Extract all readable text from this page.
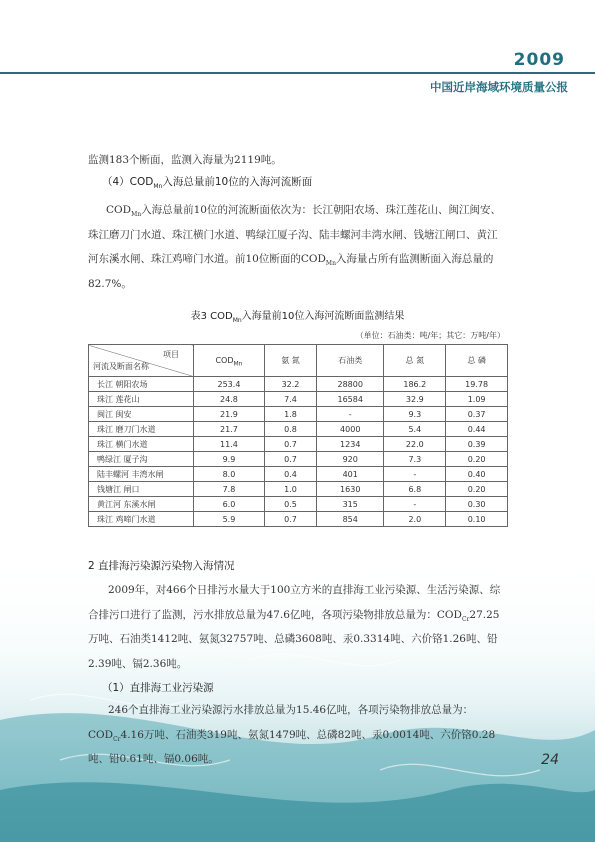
2009
中国近岸海域环境质量公报

监测183个断面，监测入海量为2119吨。

$(4)COD_{Mn}$入海总量前10位的入海河流断面

$COD_{Mn}$入海总量前10位的河流断面依次为：长江朝阳农场、珠江莲花山、闽江闽安、珠江磨刀门水道、珠江横门水道、鸭绿江厦子沟、陆丰螺河丰湾水闸、钱塘江闸口、黄江河东溪水闸、珠江鸡啼门水道。前10位断面的$COD_{Mn}$入海量占所有监测断面入海总量的82.7%。

表3 $COD_{Mn}$入海量前10位入海河流断面监测结果
（单位：石油类：吨/年；其它：万吨/年）
项目
河流及断面名称	$COD_{Mn}$	氨 氮	石油类	总 氮	总 磷
长江 朝阳农场	253.4	32.2	28800	186.2	19.78
珠江 莲花山	24.8	7.4	16584	32.9	1.09
闽江 闽安	21.9	1.8	-	9.3	0.37
珠江 磨刀门水道	21.7	0.8	4000	5.4	0.44
珠江 横门水道	11.4	0.7	1234	22.0	0.39
鸭绿江 厦子沟	9.9	0.7	920	7.3	0.20
陆丰螺河 丰湾水闸	8.0	0.4	401	-	0.40
钱塘江 闸口	7.8	1.0	1630	6.8	0.20
黄江河 东溪水闸	6.0	0.5	315	-	0.30
珠江 鸡啼门水道	5.9	0.7	854	2.0	0.10

2 直排海污染源污染物入海情况

2009年，对466个日排污水量大于100立方米的直排海工业污染源、生活污染源、综合排污口进行了监测，污水排放总量为47.6亿吨，各项污染物排放总量为：$COD_{Cr}27.25$万吨、石油类1412吨、氨氮32757吨、总磷3608吨、汞0.3314吨、六价铬1.26吨、铅2.39吨、镉2.36吨。

（1）直排海工业污染源

246个直排海工业污染源污水排放总量为15.46亿吨，各项污染物排放总量为：$COD_{Cr}4.16$万吨、石油类319吨、氨氮1479吨、总磷82吨、汞0.0014吨、六价铬0.28吨、铅0.61吨、镉0.06吨。	24
